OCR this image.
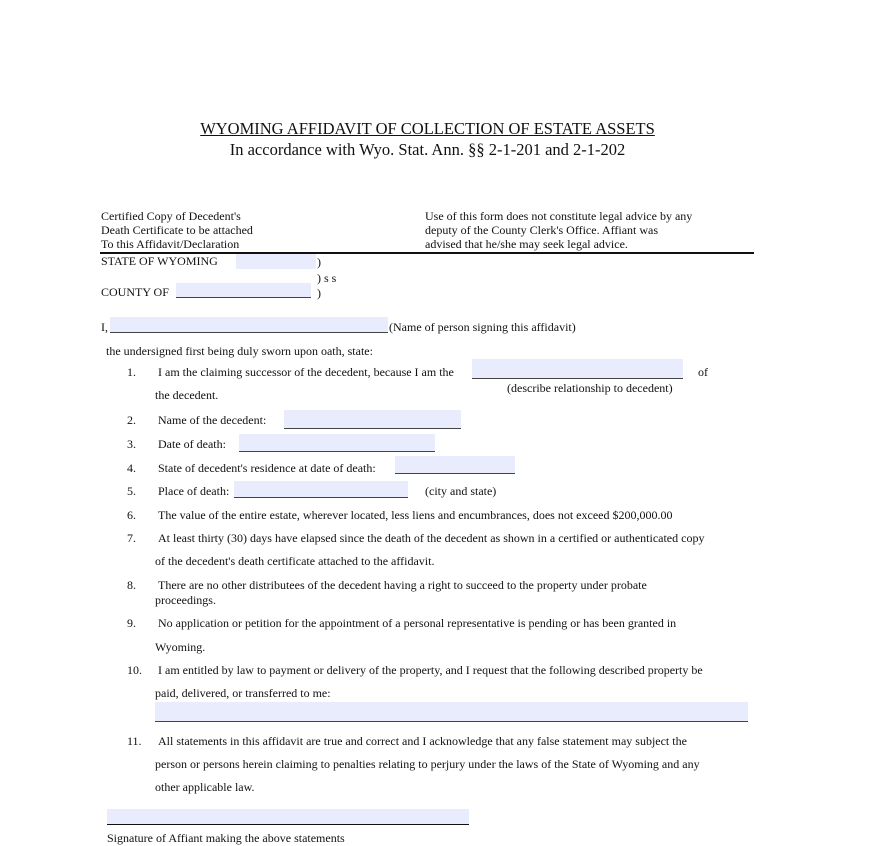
WYOMING AFFIDAVIT OF COLLECTION OF ESTATE ASSETS
In accordance with Wyo. Stat. Ann. §§ 2-1-201 and 2-1-202
Certified Copy of Decedent's
Death Certificate to be attached
To this Affidavit/Declaration
Use of this form does not constitute legal advice by any
deputy of the County Clerk's Office. Affiant was
advised that he/she may seek legal advice.
STATE OF WYOMING	)
) s s
COUNTY OF	)
I,	(Name of person signing this affidavit)
the undersigned first being duly sworn upon oath, state:
1. I am the claiming successor of the decedent, because I am the	of
(describe relationship to decedent)
the decedent.
2. Name of the decedent:
3. Date of death:
4. State of decedent's residence at date of death:
5. Place of death:	(city and state)
6. The value of the entire estate, wherever located, less liens and encumbrances, does not exceed $200,000.00
7. At least thirty (30) days have elapsed since the death of the decedent as shown in a certified or authenticated copy
of the decedent's death certificate attached to the affidavit.
8. There are no other distributees of the decedent having a right to succeed to the property under probate
proceedings.
9. No application or petition for the appointment of a personal representative is pending or has been granted in
Wyoming.
10. I am entitled by law to payment or delivery of the property, and I request that the following described property be
paid, delivered, or transferred to me:
11. All statements in this affidavit are true and correct and I acknowledge that any false statement may subject the
person or persons herein claiming to penalties relating to perjury under the laws of the State of Wyoming and any
other applicable law.
Signature of Affiant making the above statements
